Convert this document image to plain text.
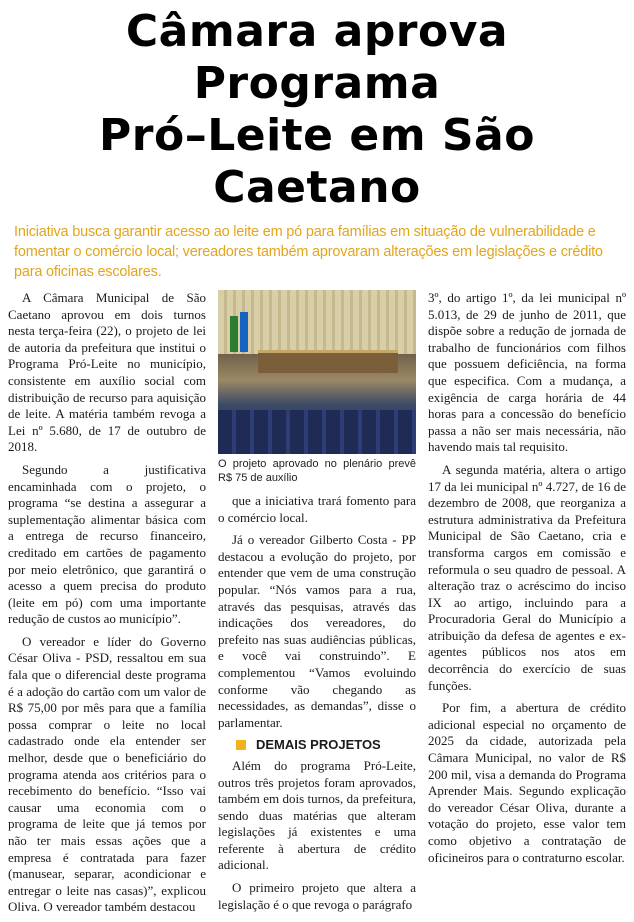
Câmara aprova Programa
Pró–Leite em São Caetano
Iniciativa busca garantir acesso ao leite em pó para famílias em situação de vulnerabilidade e fomentar o comércio local; vereadores também aprovaram alterações em legislações e crédito para oficinas escolares.

A Câmara Municipal de São Caetano aprovou em dois turnos nesta terça-feira (22), o projeto de lei de autoria da prefeitura que institui o Programa Pró-Leite no município, consistente em auxílio social com distribuição de recurso para aquisição de leite. A matéria também revoga a Lei nº 5.680, de 17 de outubro de 2018.

Segundo a justificativa encaminhada com o projeto, o programa “se destina a assegurar a suplementação alimentar básica com a entrega de recurso financeiro, creditado em cartões de pagamento por meio eletrônico, que garantirá o acesso a quem precisa do produto (leite em pó) com uma importante redução de custos ao município”.

O vereador e líder do Governo César Oliva - PSD, ressaltou em sua fala que o diferencial deste programa é a adoção do cartão com um valor de R$ 75,00 por mês para que a família possa comprar o leite no local cadastrado onde ela entender ser melhor, desde que o beneficiário do programa atenda aos critérios para o recebimento do benefício. “Isso vai causar uma economia com o programa de leite que já temos por não ter mais essas ações que a empresa é contratada para fazer (manusear, separar, acondicionar e entregar o leite nas casas)”, explicou Oliva. O vereador também destacou

O projeto aprovado no plenário prevê R$ 75 de auxílio

que a iniciativa trará fomento para o comércio local.

Já o vereador Gilberto Costa - PP destacou a evolução do projeto, por entender que vem de uma construção popular. “Nós vamos para a rua, através das pesquisas, através das indicações dos vereadores, do prefeito nas suas audiências públicas, e você vai construindo”. E complementou “Vamos evoluindo conforme vão chegando as necessidades, as demandas”, disse o parlamentar.

DEMAIS PROJETOS

Além do programa Pró-Leite, outros três projetos foram aprovados, também em dois turnos, da prefeitura, sendo duas matérias que alteram legislações já existentes e uma referente à abertura de crédito adicional.

O primeiro projeto que altera a legislação é o que revoga o parágrafo

3º, do artigo 1º, da lei municipal nº 5.013, de 29 de junho de 2011, que dispõe sobre a redução de jornada de trabalho de funcionários com filhos que possuem deficiência, na forma que especifica. Com a mudança, a exigência de carga horária de 44 horas para a concessão do benefício passa a não ser mais necessária, não havendo mais tal requisito.

A segunda matéria, altera o artigo 17 da lei municipal nº 4.727, de 16 de dezembro de 2008, que reorganiza a estrutura administrativa da Prefeitura Municipal de São Caetano, cria e transforma cargos em comissão e reformula o seu quadro de pessoal. A alteração traz o acréscimo do inciso IX ao artigo, incluindo para a Procuradoria Geral do Município a atribuição da defesa de agentes e ex-agentes públicos nos atos em decorrência do exercício de suas funções.

Por fim, a abertura de crédito adicional especial no orçamento de 2025 da cidade, autorizada pela Câmara Municipal, no valor de R$ 200 mil, visa a demanda do Programa Aprender Mais. Segundo explicação do vereador César Oliva, durante a votação do projeto, esse valor tem como objetivo a contratação de oficineiros para o contraturno escolar.
